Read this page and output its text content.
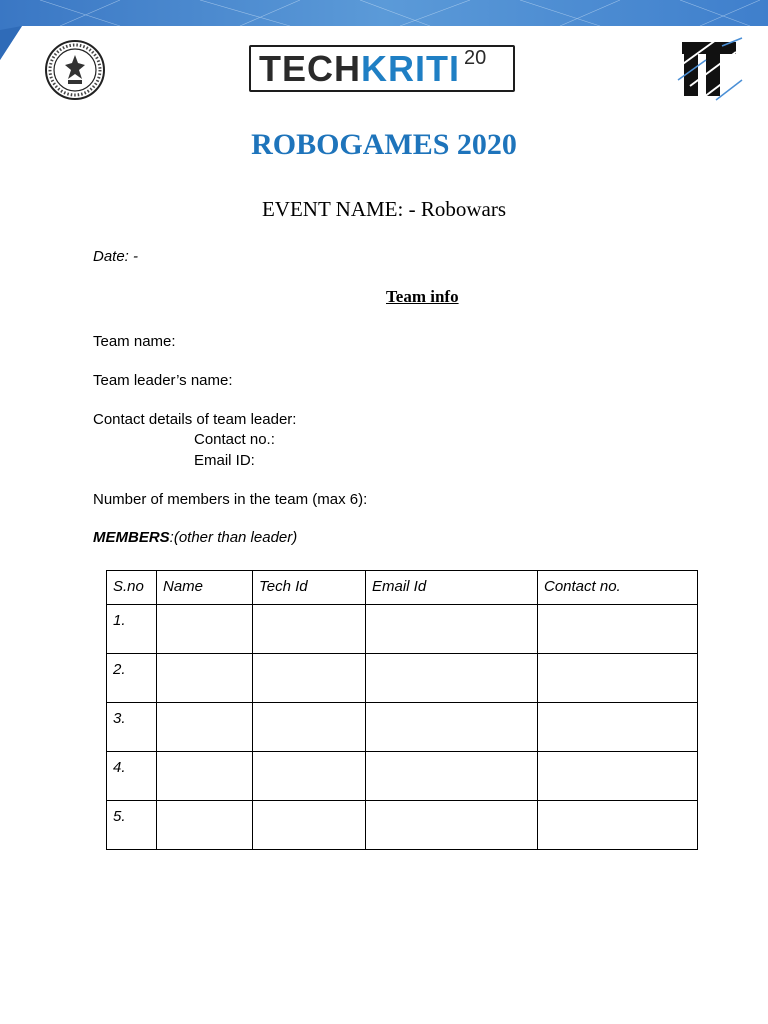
TECH KRITI 20
ROBOGAMES 2020
EVENT NAME: - Robowars
Date: -
Team info
Team name:
Team leader’s name:
Contact details of team leader:
Contact no.:
Email ID:
Number of members in the team (max 6):
MEMBERS:(other than leader)
S.no	Name	Tech Id	Email Id	Contact no.
1.				
2.				
3.				
4.				
5.				
